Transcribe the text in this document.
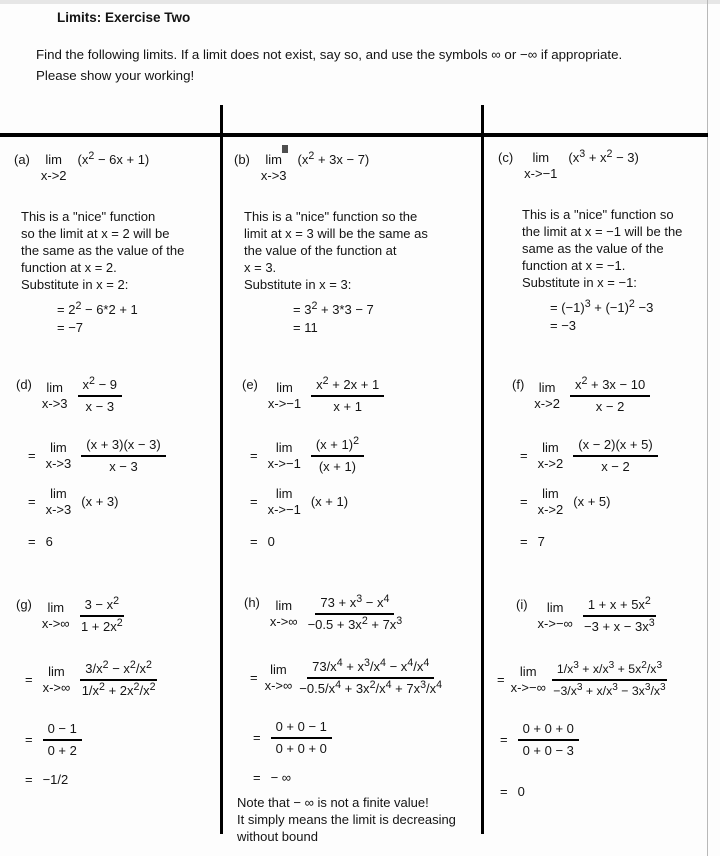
Limits: Exercise Two
Find the following limits. If a limit does not exist, say so, and use the symbols ∞ or −∞ if appropriate.
Please show your working!
(a) lim
x->2
$(x^2 - 6x + 1)$
This is a "nice" function
so the limit at x = 2 will be
the same as the value of the
function at x = 2.
Substitute in x = 2:
= $2^2 - 6*2 + 1$
= −7
(b) lim
x->3
$(x^2 + 3x - 7)$
This is a "nice" function so the
limit at x = 3 will be the same as
the value of the function at
x = 3.
Substitute in x = 3:
= $3^2 + 3*3 - 7$
= 11
(c) lim
x->−1
$(x^3 + x^2 - 3)$
This is a "nice" function so
the limit at x = −1 will be the
same as the value of the
function at x = −1.
Substitute in x = −1:
= $(-1)^3 + (-1)^2 -3$
= −3
(d) lim
$x->3 \frac{x^2 - 9}{x - 3}$
=
lim
$x->3 \frac{(x + 3)(x - 3)}{x - 3}$
=
lim
x->3
(x + 3)
= 6
(e) lim
$x->-1 \frac{x^2 + 2x + 1}{x + 1}$
=
lim
$x->-1 \frac{(x + 1)^2}{(x + 1)}$
=
lim
x->−1
(x + 1)
= 0
(f) lim
$x->2 \frac{x^2 + 3x - 10}{x - 2}$
=
lim
$x->2 \frac{(x - 2)(x + 5)}{x - 2}$
=
lim
x->2
(x + 5)
= 7
(g) lim
$x->\infty \frac{3 - x^2}{1 + 2x^2}$
=
lim
$x->\infty \frac{3/x^2 - x^2/x^2}{1/x^2 + 2x^2/x^2}$
= $\frac{0 - 1}{0 + 2}$
= −1/2
(h) lim
$x->\infty \frac{73 + x^3 - x^4}{-0.5 + 3x^2 + 7x^3}$
=
lim
$x->\infty \frac{73/x^4 + x^3/x^4 - x^4/x^4}{-0.5/x^4 + 3x^2/x^4 + 7x^3/x^4}$
= $\frac{0 + 0 - 1}{0 + 0 + 0}$
= − ∞
Note that − ∞ is not a finite value!
It simply means the limit is decreasing
without bound
(i) lim
$x->-\infty \frac{1 + x + 5x^2}{-3 + x - 3x^3}$
=
lim
$x->-\infty \frac{1/x^3 + x/x^3 + 5x^2/x^3}{-3/x^3 + x/x^3 - 3x^3/x^3}$
= $\frac{0 + 0 + 0}{0 + 0 - 3}$
= 0
